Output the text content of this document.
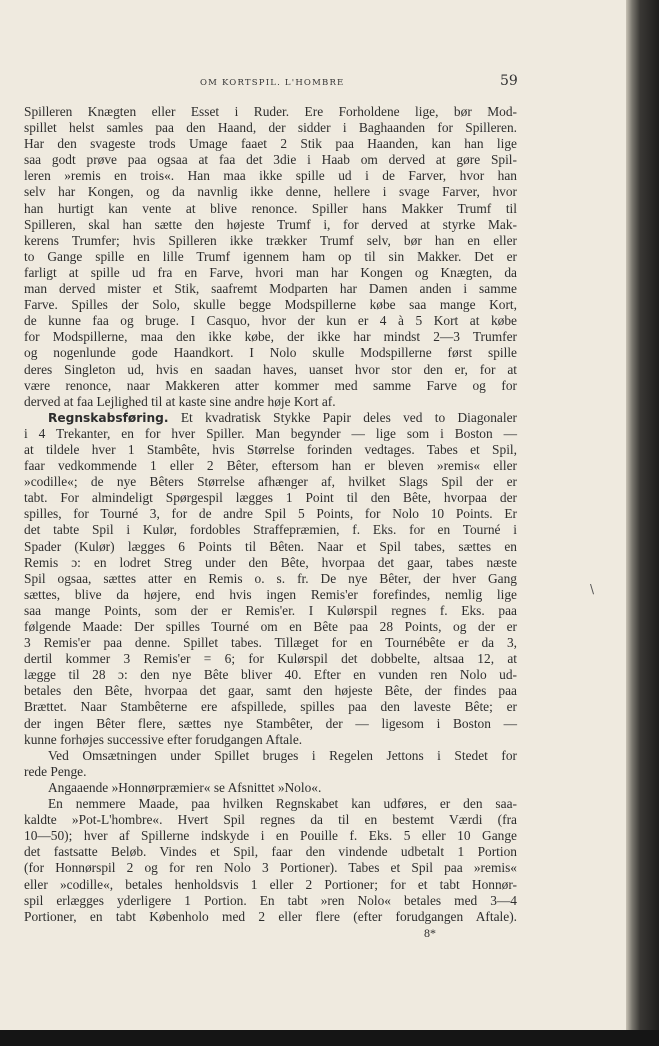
OM KORTSPIL. L'HOMBRE	59
Spilleren Knægten eller Esset i Ruder. Ere Forholdene lige, bør Mod-
spillet helst samles paa den Haand, der sidder i Baghaanden for Spilleren.
Har den svageste trods Umage faaet 2 Stik paa Haanden, kan han lige
saa godt prøve paa ogsaa at faa det 3die i Haab om derved at gøre Spil-
leren »remis en trois«. Han maa ikke spille ud i de Farver, hvor han
selv har Kongen, og da navnlig ikke denne, hellere i svage Farver, hvor
han hurtigt kan vente at blive renonce. Spiller hans Makker Trumf til
Spilleren, skal han sætte den højeste Trumf i, for derved at styrke Mak-
kerens Trumfer; hvis Spilleren ikke trækker Trumf selv, bør han en eller
to Gange spille en lille Trumf igennem ham op til sin Makker. Det er
farligt at spille ud fra en Farve, hvori man har Kongen og Knægten, da
man derved mister et Stik, saafremt Modparten har Damen anden i samme
Farve. Spilles der Solo, skulle begge Modspillerne købe saa mange Kort,
de kunne faa og bruge. I Casquo, hvor der kun er 4 à 5 Kort at købe
for Modspillerne, maa den ikke købe, der ikke har mindst 2—3 Trumfer
og nogenlunde gode Haandkort. I Nolo skulle Modspillerne først spille
deres Singleton ud, hvis en saadan haves, uanset hvor stor den er, for at
være renonce, naar Makkeren atter kommer med samme Farve og for
derved at faa Lejlighed til at kaste sine andre høje Kort af.
Regnskabsføring. Et kvadratisk Stykke Papir deles ved to Diagonaler
i 4 Trekanter, en for hver Spiller. Man begynder — lige som i Boston —
at tildele hver 1 Stambête, hvis Størrelse forinden vedtages. Tabes et Spil,
faar vedkommende 1 eller 2 Bêter, eftersom han er bleven »remis« eller
»codille«; de nye Bêters Størrelse afhænger af, hvilket Slags Spil der er
tabt. For almindeligt Spørgespil lægges 1 Point til den Bête, hvorpaa der
spilles, for Tourné 3, for de andre Spil 5 Points, for Nolo 10 Points. Er
det tabte Spil i Kulør, fordobles Straffepræmien, f. Eks. for en Tourné i
Spader (Kulør) lægges 6 Points til Bêten. Naar et Spil tabes, sættes en
Remis ɔ: en lodret Streg under den Bête, hvorpaa det gaar, tabes næste
Spil ogsaa, sættes atter en Remis o. s. fr. De nye Bêter, der hver Gang
sættes, blive da højere, end hvis ingen Remis'er forefindes, nemlig lige
saa mange Points, som der er Remis'er. I Kulørspil regnes f. Eks. paa
følgende Maade: Der spilles Tourné om en Bête paa 28 Points, og der er
3 Remis'er paa denne. Spillet tabes. Tillæget for en Tournébête er da 3,
dertil kommer 3 Remis'er = 6; for Kulørspil det dobbelte, altsaa 12, at
lægge til 28 ɔ: den nye Bête bliver 40. Efter en vunden ren Nolo ud-
betales den Bête, hvorpaa det gaar, samt den højeste Bête, der findes paa
Brættet. Naar Stambêterne ere afspillede, spilles paa den laveste Bête; er
der ingen Bêter flere, sættes nye Stambêter, der — ligesom i Boston —
kunne forhøjes successive efter forudgangen Aftale.
Ved Omsætningen under Spillet bruges i Regelen Jettons i Stedet for
rede Penge.
Angaaende »Honnørpræmier« se Afsnittet »Nolo«.
En nemmere Maade, paa hvilken Regnskabet kan udføres, er den saa-
kaldte »Pot-L'hombre«. Hvert Spil regnes da til en bestemt Værdi (fra
10—50); hver af Spillerne indskyde i en Pouille f. Eks. 5 eller 10 Gange
det fastsatte Beløb. Vindes et Spil, faar den vindende udbetalt 1 Portion
(for Honnørspil 2 og for ren Nolo 3 Portioner). Tabes et Spil paa »remis«
eller »codille«, betales henholdsvis 1 eller 2 Portioner; for et tabt Honnør-
spil erlægges yderligere 1 Portion. En tabt »ren Nolo« betales med 3—4
Portioner, en tabt Københolo med 2 eller flere (efter forudgangen Aftale).
8*
\
